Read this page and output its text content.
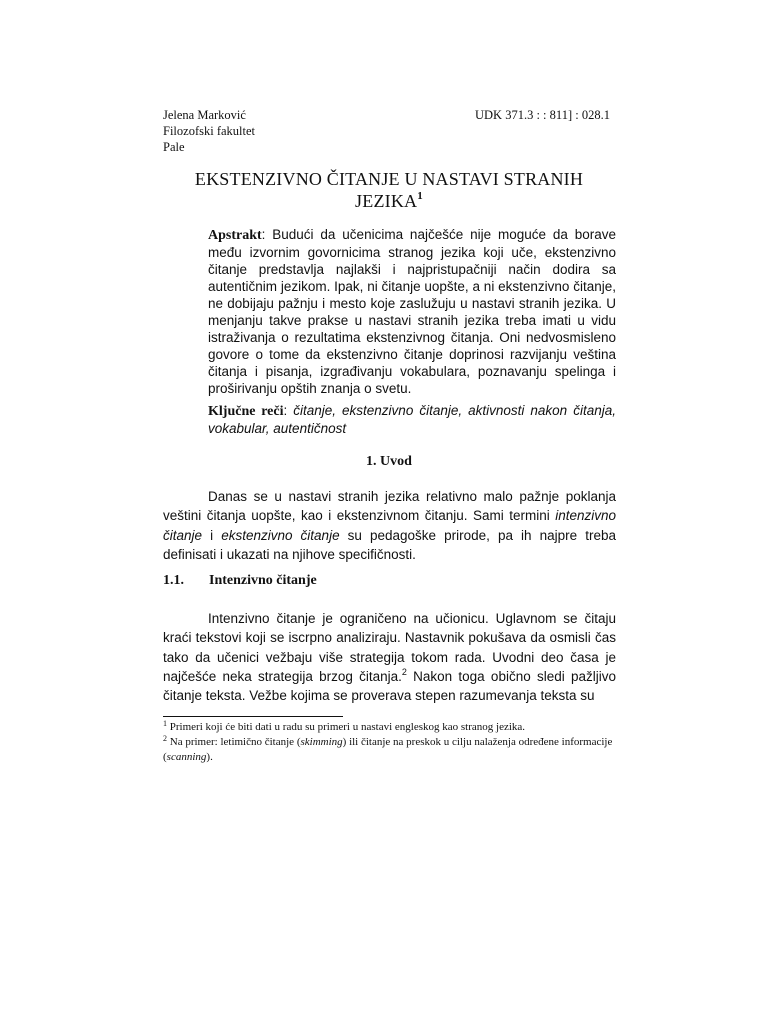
Jelena Marković
Filozofski fakultet
Pale
UDK 371.3 : : 811] : 028.1
EKSTENZIVNO ČITANJE U NASTAVI STRANIH JEZIKA$^1$
Apstrakt: Budući da učenicima najčešće nije moguće da borave među izvornim govornicima stranog jezika koji uče, ekstenzivno čitanje predstavlja najlakši i najpristupačniji način dodira sa autentičnim jezikom. Ipak, ni čitanje uopšte, a ni ekstenzivno čitanje, ne dobijaju pažnju i mesto koje zaslužuju u nastavi stranih jezika. U menjanju takve prakse u nastavi stranih jezika treba imati u vidu istraživanja o rezultatima ekstenzivnog čitanja. Oni nedvosmisleno govore o tome da ekstenzivno čitanje doprinosi razvijanju veština čitanja i pisanja, izgrađivanju vokabulara, poznavanju spelinga i proširivanju opštih znanja o svetu.
Ključne reči: čitanje, ekstenzivno čitanje, aktivnosti nakon čitanja, vokabular, autentičnost
1. Uvod
Danas se u nastavi stranih jezika relativno malo pažnje poklanja veštini čitanja uopšte, kao i ekstenzivnom čitanju. Sami termini intenzivno čitanje i ekstenzivno čitanje su pedagoške prirode, pa ih najpre treba definisati i ukazati na njihove specifičnosti.
1.1. Intenzivno čitanje
Intenzivno čitanje je ograničeno na učionicu. Uglavnom se čitaju kraći tekstovi koji se iscrpno analiziraju. Nastavnik pokušava da osmisli čas tako da učenici vežbaju više strategija tokom rada. Uvodni deo časa je najčešće neka strategija brzog čitanja.$^2$ Nakon toga obično sledi pažljivo čitanje teksta. Vežbe kojima se proverava stepen razumevanja teksta su

$^1$ Primeri koji će biti dati u radu su primeri u nastavi engleskog kao stranog jezika.

$^2$ Na primer: letimično čitanje (skimming) ili čitanje na preskok u cilju nalaženja određene informacije (scanning).
